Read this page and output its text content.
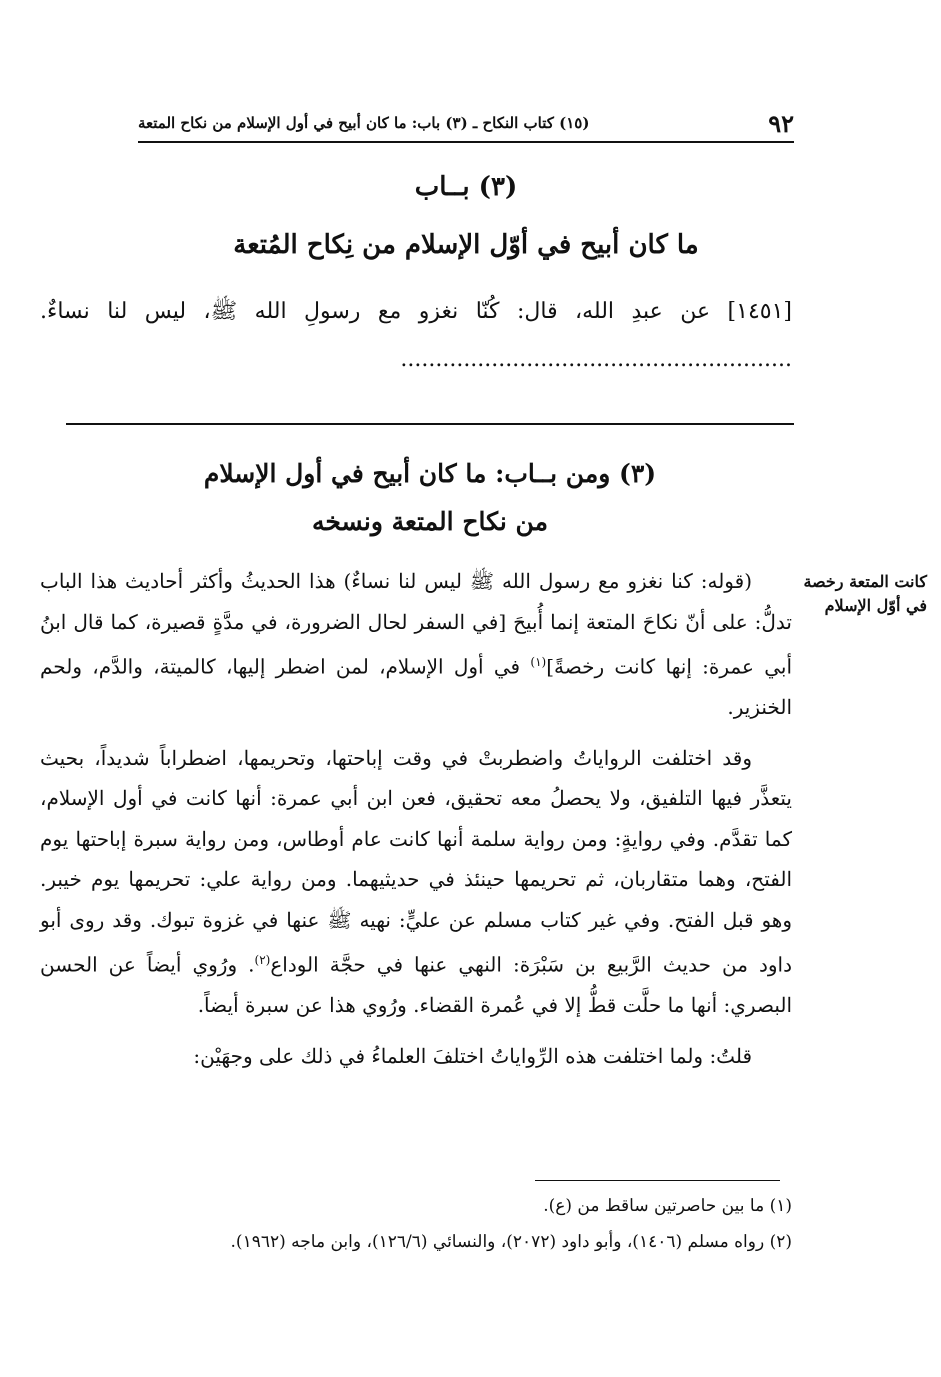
٩٢
(١٥) كتاب النكاح ـ (٣) باب: ما كان أبيح في أول الإسلام من نكاح المتعة
(٣) بــاب
ما كان أبيح في أوّل الإسلام من نِكاح المُتعة
[١٤٥١] عن عبدِ الله، قال: كُنّا نغزو مع رسولِ الله ﷺ، ليس لنا نساءٌ. ........................................................
(٣) ومن بــاب: ما كان أبيح في أول الإسلام
من نكاح المتعة ونسخه
كانت المتعة رخصة في أوّل الإسلام

(قوله: كنا نغزو مع رسول الله ﷺ ليس لنا نساءٌ) هذا الحديثُ وأكثر أحاديث هذا الباب تدلُّ: على أنّ نكاحَ المتعة إنما أُبيحَ [في السفر لحال الضرورة، في مدَّةٍ قصيرة، كما قال ابنُ أبي عمرة: إنها كانت رخصةً]$^{(١)}$ في أول الإسلام، لمن اضطر إليها، كالميتة، والدَّم، ولحم الخنزير.

وقد اختلفت الرواياتُ واضطربتْ في وقت إباحتها، وتحريمها، اضطراباً شديداً، بحيث يتعذَّر فيها التلفيق، ولا يحصلُ معه تحقيق، فعن ابن أبي عمرة: أنها كانت في أول الإسلام، كما تقدَّم. وفي روايةٍ: ومن رواية سلمة أنها كانت عام أوطاس، ومن رواية سبرة إباحتها يوم الفتح، وهما متقاربان، ثم تحريمها حينئذ في حديثيهما. ومن رواية علي: تحريمها يوم خيبر. وهو قبل الفتح. وفي غير كتاب مسلم عن عليٍّ: نهيه ﷺ عنها في غزوة تبوك. وقد روى أبو داود من حديث الرَّبيع بن سَبْرَة: النهي عنها في حجَّة الوداع$^{(٢)}$. ورُوي أيضاً عن الحسن البصري: أنها ما حلَّت قطُّ إلا في عُمرة القضاء. ورُوي هذا عن سبرة أيضاً.

قلتُ: ولما اختلفت هذه الرِّواياتُ اختلفَ العلماءُ في ذلك على وجهَيْن:

(١) ما بين حاصرتين ساقط من (ع).
(٢) رواه مسلم (١٤٠٦)، وأبو داود (٢٠٧٢)، والنسائي (١٢٦/٦)، وابن ماجه (١٩٦٢).
